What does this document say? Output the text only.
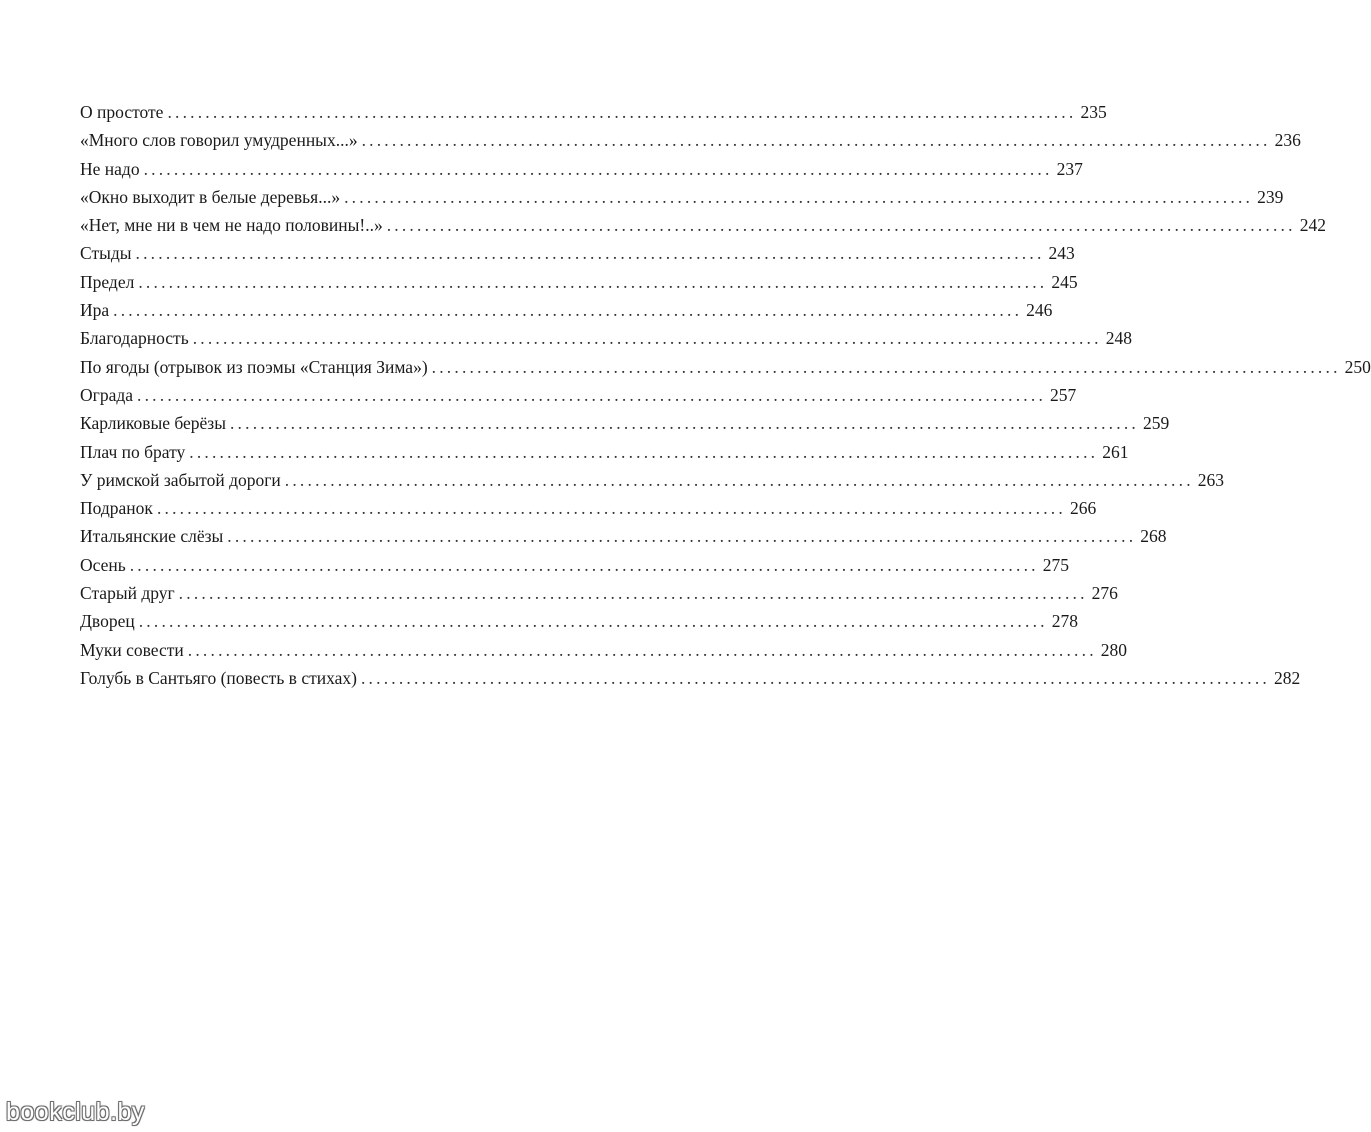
О простоте ........................................................................................................................ 235
«Много слов говорил умудренных...» ........................................................................................................................ 236
Не надо ........................................................................................................................ 237
«Окно выходит в белые деревья...» ........................................................................................................................ 239
«Нет, мне ни в чем не надо половины!..» ........................................................................................................................ 242
Стыды ........................................................................................................................ 243
Предел ........................................................................................................................ 245
Ира ........................................................................................................................ 246
Благодарность ........................................................................................................................ 248
По ягоды (отрывок из поэмы «Станция Зима») ........................................................................................................................ 250
Ограда ........................................................................................................................ 257
Карликовые берёзы ........................................................................................................................ 259
Плач по брату ........................................................................................................................ 261
У римской забытой дороги ........................................................................................................................ 263
Подранок ........................................................................................................................ 266
Итальянские слёзы ........................................................................................................................ 268
Осень ........................................................................................................................ 275
Старый друг ........................................................................................................................ 276
Дворец ........................................................................................................................ 278
Муки совести ........................................................................................................................ 280
Голубь в Сантьяго (повесть в стихах) ........................................................................................................................ 282
bookclub.by
